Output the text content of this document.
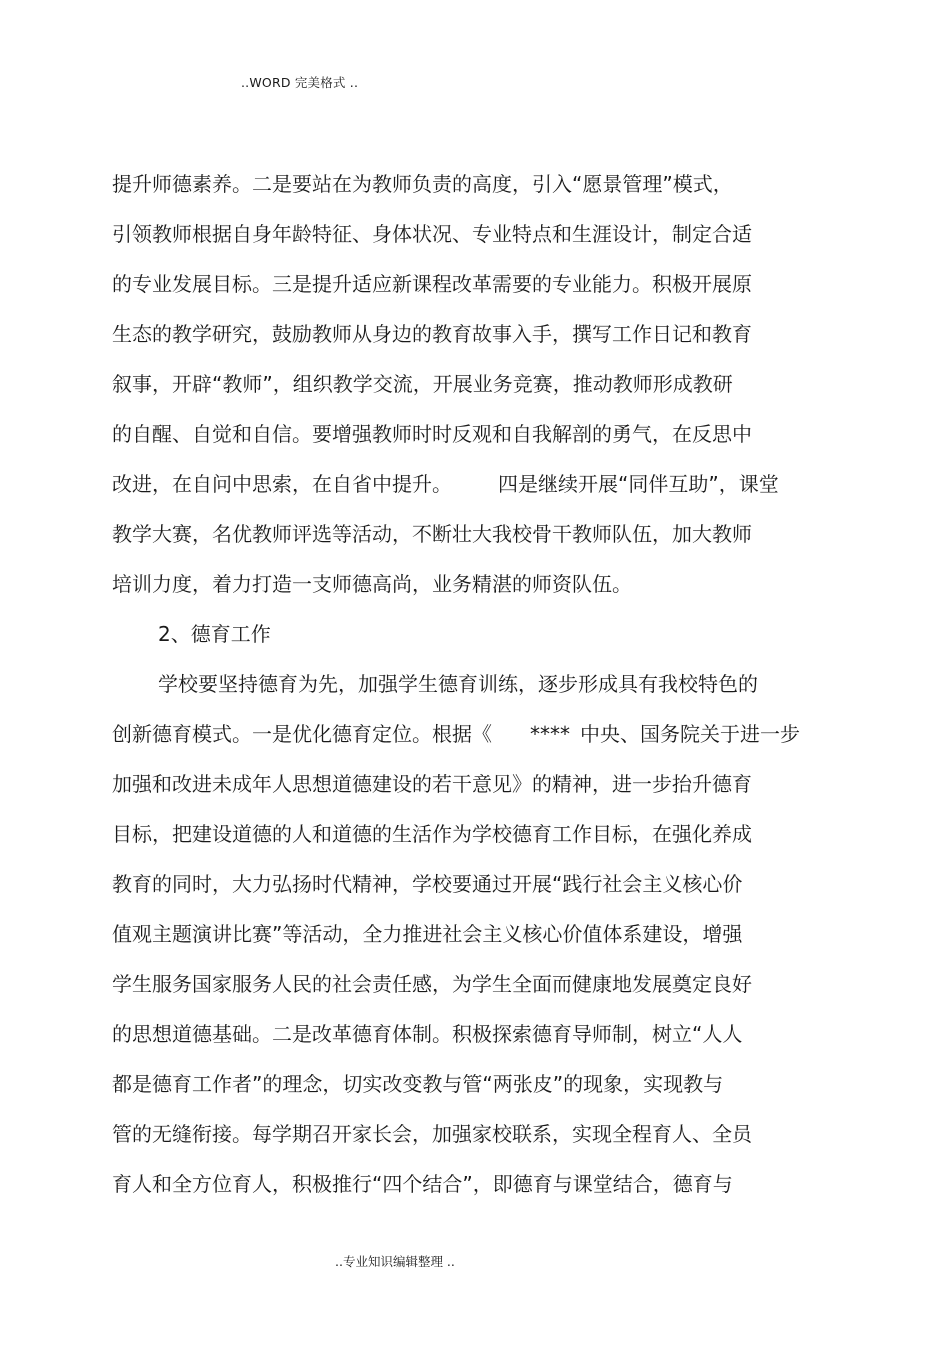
..WORD 完美格式 ..
提升师德素养。二是要站在为教师负责的高度，引入“愿景管理”模式，
引领教师根据自身年龄特征、身体状况、专业特点和生涯设计，制定合适
的专业发展目标。三是提升适应新课程改革需要的专业能力。积极开展原
生态的教学研究，鼓励教师从身边的教育故事入手，撰写工作日记和教育
叙事，开辟“教师”，组织教学交流，开展业务竞赛，推动教师形成教研
的自醒、自觉和自信。要增强教师时时反观和自我解剖的勇气，在反思中
改进，在自问中思索，在自省中提升。 四是继续开展“同伴互助”，课堂
教学大赛，名优教师评选等活动，不断壮大我校骨干教师队伍，加大教师
培训力度，着力打造一支师德高尚，业务精湛的师资队伍。
2、德育工作
学校要坚持德育为先，加强学生德育训练，逐步形成具有我校特色的
创新德育模式。一是优化德育定位。根据《 **** 中央、国务院关于进一步
加强和改进未成年人思想道德建设的若干意见》的精神，进一步抬升德育
目标，把建设道德的人和道德的生活作为学校德育工作目标，在强化养成
教育的同时，大力弘扬时代精神，学校要通过开展“践行社会主义核心价
值观主题演讲比赛”等活动，全力推进社会主义核心价值体系建设，增强
学生服务国家服务人民的社会责任感，为学生全面而健康地发展奠定良好
的思想道德基础。二是改革德育体制。积极探索德育导师制，树立“人人
都是德育工作者”的理念，切实改变教与管“两张皮”的现象，实现教与
管的无缝衔接。每学期召开家长会，加强家校联系，实现全程育人、全员
育人和全方位育人，积极推行“四个结合”，即德育与课堂结合，德育与
..专业知识编辑整理 ..
